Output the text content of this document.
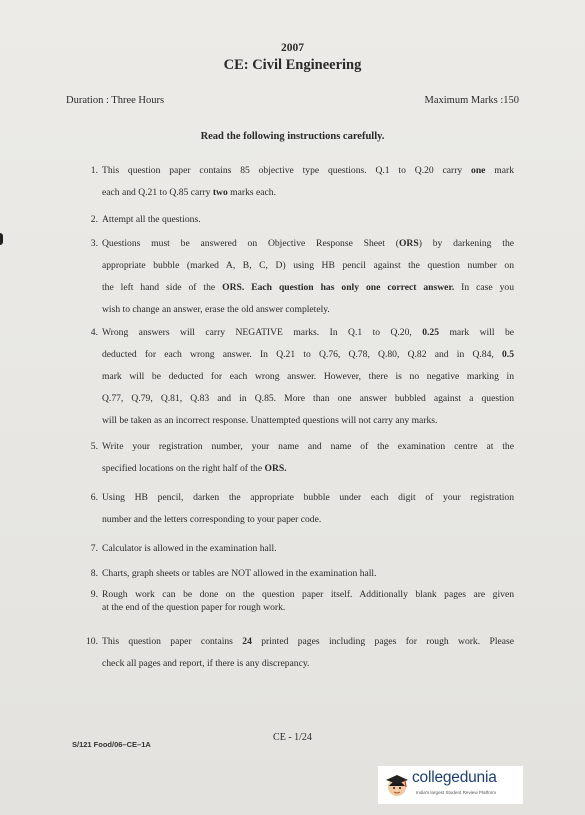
2007
CE: Civil Engineering
Duration : Three Hours	Maximum Marks :150
Read the following instructions carefully.
1. This question paper contains 85 objective type questions. Q.1 to Q.20 carry one mark
each and Q.21 to Q.85 carry two marks each.
2. Attempt all the questions.
3. Questions must be answered on Objective Response Sheet (ORS) by darkening the
appropriate bubble (marked A, B, C, D) using HB pencil against the question number on
the left hand side of the ORS. Each question has only one correct answer. In case you
wish to change an answer, erase the old answer completely.
4. Wrong answers will carry NEGATIVE marks. In Q.1 to Q.20, 0.25 mark will be
deducted for each wrong answer. In Q.21 to Q.76, Q.78, Q.80, Q.82 and in Q.84, 0.5
mark will be deducted for each wrong answer. However, there is no negative marking in
Q.77, Q.79, Q.81, Q.83 and in Q.85. More than one answer bubbled against a question
will be taken as an incorrect response. Unattempted questions will not carry any marks.
5. Write your registration number, your name and name of the examination centre at the
specified locations on the right half of the ORS.
6. Using HB pencil, darken the appropriate bubble under each digit of your registration
number and the letters corresponding to your paper code.
7. Calculator is allowed in the examination hall.
8. Charts, graph sheets or tables are NOT allowed in the examination hall.
9. Rough work can be done on the question paper itself. Additionally blank pages are given
at the end of the question paper for rough work.
10. This question paper contains 24 printed pages including pages for rough work. Please
check all pages and report, if there is any discrepancy.
S/121 Food/06–CE–1A
CE - 1/24
collegedunia
India's largest Student Review Platform
